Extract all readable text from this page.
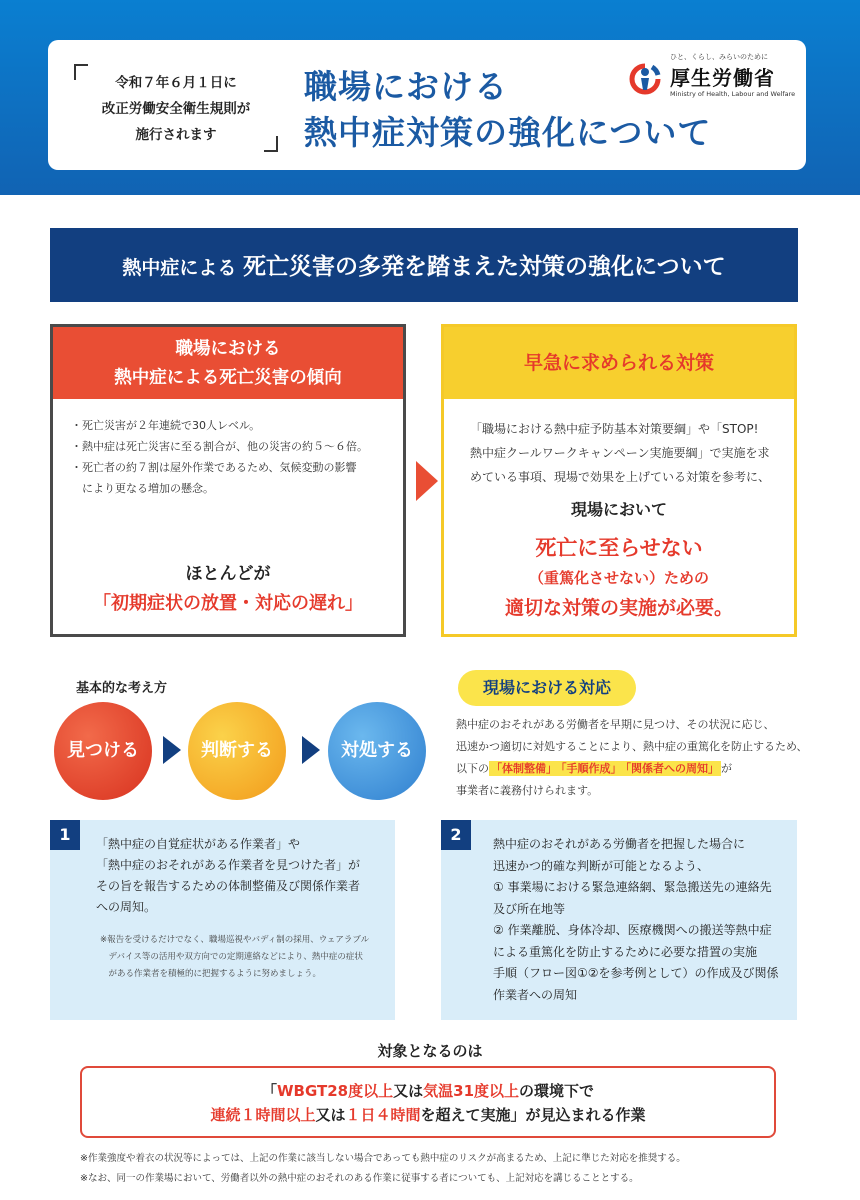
令和７年６月１日に
改正労働安全衛生規則が
施行されます
職場における
熱中症対策の強化について
ひと、くらし、みらいのために
厚生労働省
Ministry of Health, Labour and Welfare
熱中症による 死亡災害の多発を踏まえた対策の強化について
職場における
熱中症による死亡災害の傾向
・死亡災害が２年連続で30人レベル。
・熱中症は死亡災害に至る割合が、他の災害の約５～６倍。
・死亡者の約７割は屋外作業であるため、気候変動の影響
　により更なる増加の懸念。
ほとんどが
「初期症状の放置・対応の遅れ」
早急に求められる対策
「職場における熱中症予防基本対策要綱」や「STOP!
熱中症クールワークキャンペーン実施要綱」で実施を求
めている事項、現場で効果を上げている対策を参考に、
現場において
死亡に至らせない
（重篤化させない）ための
適切な対策の実施が必要。
基本的な考え方
見つける	判断する	対処する
現場における対応
熱中症のおそれがある労働者を早期に見つけ、その状況に応じ、
迅速かつ適切に対処することにより、熱中症の重篤化を防止するため、
以下の 「体制整備」 「手順作成」 「関係者への周知」 が
事業者に義務付けられます。
1	「熱中症の自覚症状がある作業者」や
「熱中症のおそれがある作業者を見つけた者」が
その旨を報告するための体制整備及び関係作業者
への周知。
※報告を受けるだけでなく、職場巡視やバディ制の採用、ウェアラブル
　デバイス等の活用や双方向での定期連絡などにより、熱中症の症状
　がある作業者を積極的に把握するように努めましょう。
2	熱中症のおそれがある労働者を把握した場合に
迅速かつ的確な判断が可能となるよう、
① 事業場における緊急連絡網、緊急搬送先の連絡先
及び所在地等
② 作業離脱、身体冷却、医療機関への搬送等熱中症
による重篤化を防止するために必要な措置の実施
手順（フロー図①②を参考例として）の作成及び関係
作業者への周知
対象となるのは
「WBGT28度以上又は気温31度以上の環境下で
連続１時間以上又は１日４時間を超えて実施」が見込まれる作業
※作業強度や着衣の状況等によっては、上記の作業に該当しない場合であっても熱中症のリスクが高まるため、上記に準じた対応を推奨する。
※なお、同一の作業場において、労働者以外の熱中症のおそれのある作業に従事する者についても、上記対応を講じることとする。
